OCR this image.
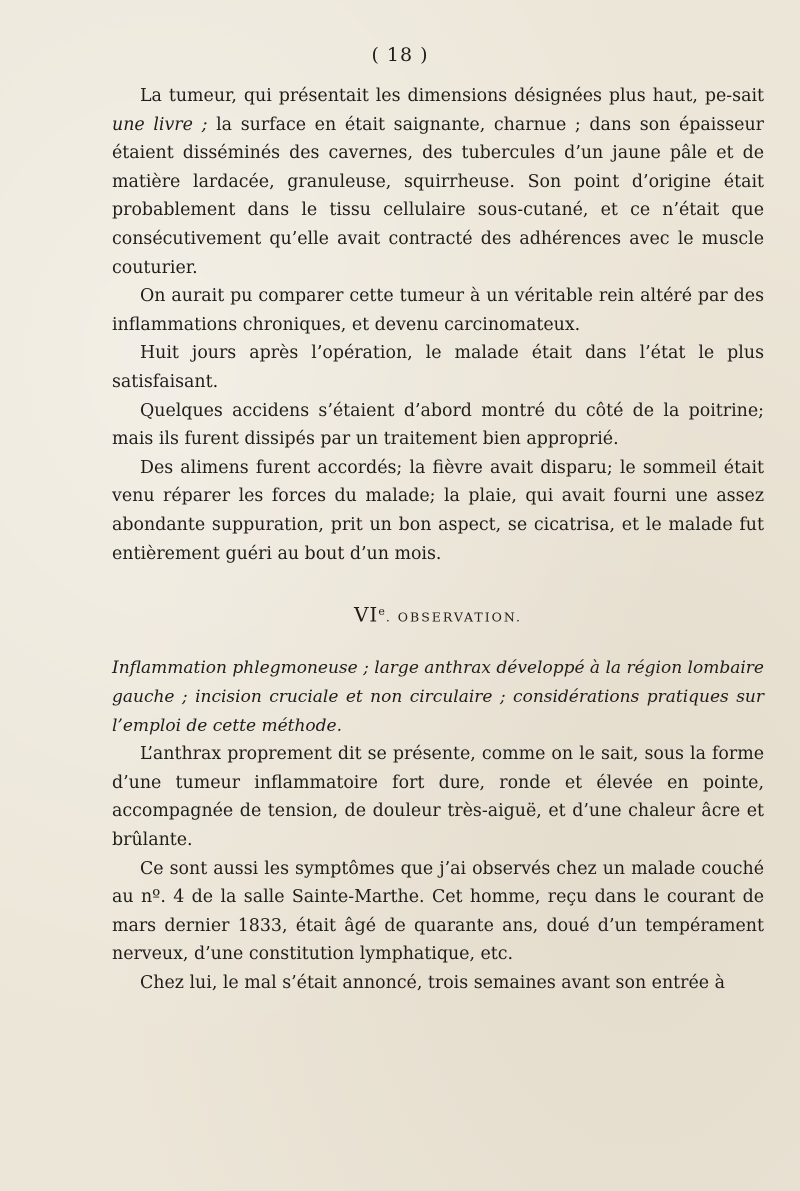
( 18 )

La tumeur, qui présentait les dimensions désignées plus haut, pe-sait une livre ; la surface en était saignante, charnue ; dans son épaisseur étaient disséminés des cavernes, des tubercules d’un jaune pâle et de matière lardacée, granuleuse, squirrheuse. Son point d’origine était probablement dans le tissu cellulaire sous-cutané, et ce n’était que consécutivement qu’elle avait contracté des adhérences avec le muscle couturier.

On aurait pu comparer cette tumeur à un véritable rein altéré par des inflammations chroniques, et devenu carcinomateux.

Huit jours après l’opération, le malade était dans l’état le plus satisfaisant.

Quelques accidens s’étaient d’abord montré du côté de la poitrine; mais ils furent dissipés par un traitement bien approprié.

Des alimens furent accordés; la fièvre avait disparu; le sommeil était venu réparer les forces du malade; la plaie, qui avait fourni une assez abondante suppuration, prit un bon aspect, se cicatrisa, et le malade fut entièrement guéri au bout d’un mois.

VIe. OBSERVATION.

Inflammation phlegmoneuse ; large anthrax développé à la région lombaire gauche ; incision cruciale et non circulaire ; considérations pratiques sur l’emploi de cette méthode.

L’anthrax proprement dit se présente, comme on le sait, sous la forme d’une tumeur inflammatoire fort dure, ronde et élevée en pointe, accompagnée de tension, de douleur très-aiguë, et d’une chaleur âcre et brûlante.

Ce sont aussi les symptômes que j’ai observés chez un malade couché au nº. 4 de la salle Sainte-Marthe. Cet homme, reçu dans le courant de mars dernier 1833, était âgé de quarante ans, doué d’un tempérament nerveux, d’une constitution lymphatique, etc.

Chez lui, le mal s’était annoncé, trois semaines avant son entrée à
